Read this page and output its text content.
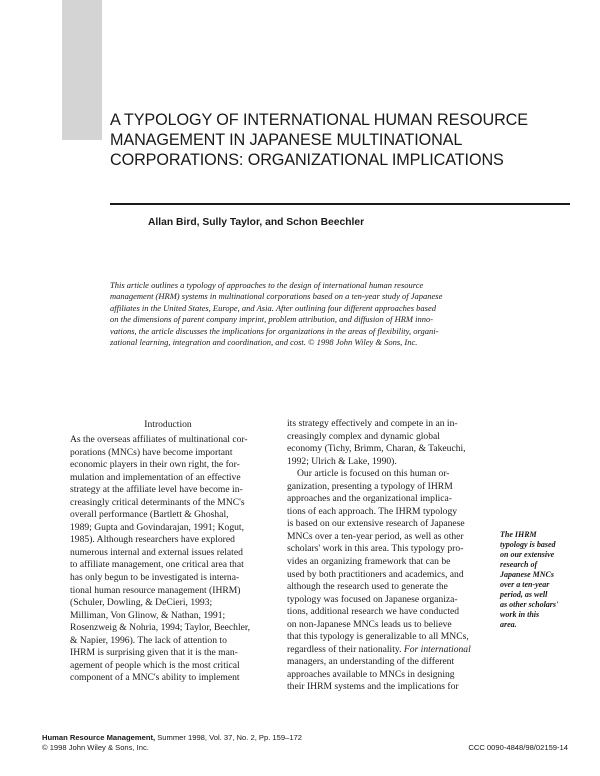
A TYPOLOGY OF INTERNATIONAL HUMAN RESOURCE
MANAGEMENT IN JAPANESE MULTINATIONAL
CORPORATIONS: ORGANIZATIONAL IMPLICATIONS
Allan Bird, Sully Taylor, and Schon Beechler
This article outlines a typology of approaches to the design of international human resource
management (HRM) systems in multinational corporations based on a ten-year study of Japanese
affiliates in the United States, Europe, and Asia. After outlining four different approaches based
on the dimensions of parent company imprint, problem attribution, and diffusion of HRM inno-
vations, the article discusses the implications for organizations in the areas of flexibility, organi-
zational learning, integration and coordination, and cost. © 1998 John Wiley & Sons, Inc.
Introduction
As the overseas affiliates of multinational cor-
porations (MNCs) have become important
economic players in their own right, the for-
mulation and implementation of an effective
strategy at the affiliate level have become in-
creasingly critical determinants of the MNC's
overall performance (Bartlett & Ghoshal,
1989; Gupta and Govindarajan, 1991; Kogut,
1985). Although researchers have explored
numerous internal and external issues related
to affiliate management, one critical area that
has only begun to be investigated is interna-
tional human resource management (IHRM)
(Schuler, Dowling, & DeCieri, 1993;
Milliman, Von Glinow, & Nathan, 1991;
Rosenzweig & Nohria, 1994; Taylor, Beechler,
& Napier, 1996). The lack of attention to
IHRM is surprising given that it is the man-
agement of people which is the most critical
component of a MNC's ability to implement
its strategy effectively and compete in an in-
creasingly complex and dynamic global
economy (Tichy, Brimm, Charan, & Takeuchi,
1992; Ulrich & Lake, 1990).
Our article is focused on this human or-
ganization, presenting a typology of IHRM
approaches and the organizational implica-
tions of each approach. The IHRM typology
is based on our extensive research of Japanese
MNCs over a ten-year period, as well as other
scholars' work in this area. This typology pro-
vides an organizing framework that can be
used by both practitioners and academics, and
although the research used to generate the
typology was focused on Japanese organiza-
tions, additional research we have conducted
on non-Japanese MNCs leads us to believe
that this typology is generalizable to all MNCs,
regardless of their nationality. For international
managers, an understanding of the different
approaches available to MNCs in designing
their IHRM systems and the implications for
The IHRM
typology is based
on our extensive
research of
Japanese MNCs
over a ten-year
period, as well
as other scholars'
work in this
area.
Human Resource Management, Summer 1998, Vol. 37, No. 2, Pp. 159–172
© 1998 John Wiley & Sons, Inc.	CCC 0090-4848/98/02159-14
